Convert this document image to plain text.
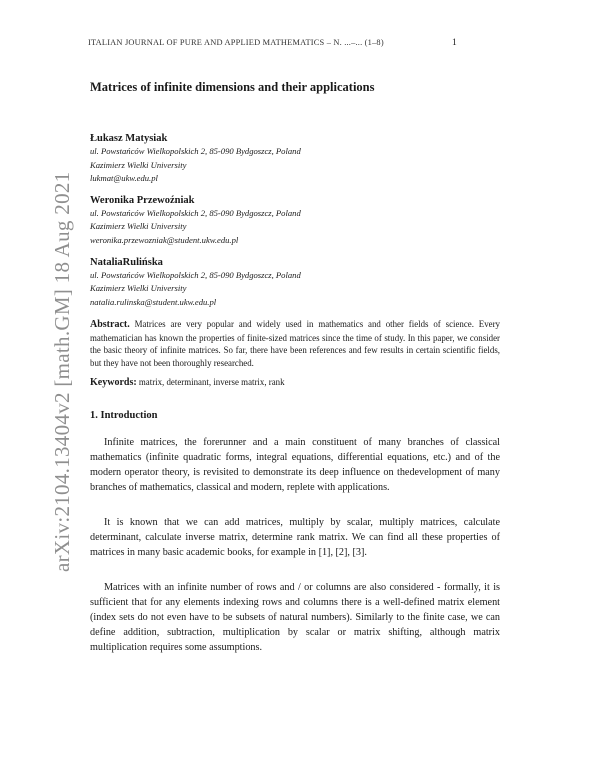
arXiv:2104.13404v2 [math.GM] 18 Aug 2021
ITALIAN JOURNAL OF PURE AND APPLIED MATHEMATICS – N. ...–... (1–8)	1
Matrices of infinite dimensions and their applications
Łukasz Matysiak
ul. Powstańców Wielkopolskich 2, 85-090 Bydgoszcz, Poland
Kazimierz Wielki University
lukmat@ukw.edu.pl
Weronika Przewoźniak
ul. Powstańców Wielkopolskich 2, 85-090 Bydgoszcz, Poland
Kazimierz Wielki University
weronika.przewozniak@student.ukw.edu.pl
NataliaRulińska
ul. Powstańców Wielkopolskich 2, 85-090 Bydgoszcz, Poland
Kazimierz Wielki University
natalia.rulinska@student.ukw.edu.pl
Abstract. Matrices are very popular and widely used in mathematics and other fields of science. Every mathematician has known the properties of finite-sized matrices since the time of study. In this paper, we consider the basic theory of infinite matrices. So far, there have been references and few results in certain scientific fields, but they have not been thoroughly researched.
Keywords: matrix, determinant, inverse matrix, rank
1. Introduction
Infinite matrices, the forerunner and a main constituent of many branches of classical mathematics (infinite quadratic forms, integral equations, differential equations, etc.) and of the modern operator theory, is revisited to demonstrate its deep influence on thedevelopment of many branches of mathematics, classical and modern, replete with applications.
It is known that we can add matrices, multiply by scalar, multiply matrices, calculate determinant, calculate inverse matrix, determine rank matrix. We can find all these properties of matrices in many basic academic books, for example in [1], [2], [3].
Matrices with an infinite number of rows and / or columns are also considered - formally, it is sufficient that for any elements indexing rows and columns there is a well-defined matrix element (index sets do not even have to be subsets of natural numbers). Similarly to the finite case, we can define addition, subtraction, multiplication by scalar or matrix shifting, although matrix multiplication requires some assumptions.
